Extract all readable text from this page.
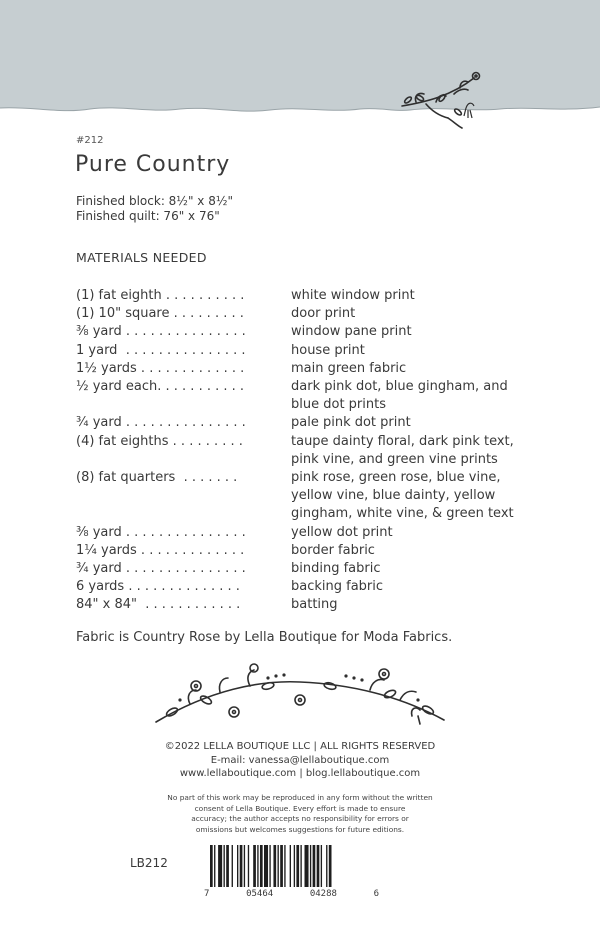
#212
Pure Country
Finished block: 8½" x 8½"
Finished quilt: 76" x 76"
MATERIALS NEEDED
(1) fat eighth . . . . . . . . . .	white window print
(1) 10" square . . . . . . . . .	door print
⅜ yard . . . . . . . . . . . . . . .	window pane print
1 yard  . . . . . . . . . . . . . . .	house print
1½ yards . . . . . . . . . . . . .	main green fabric
½ yard each. . . . . . . . . . .	dark pink dot, blue gingham, and
blue dot prints
¾ yard . . . . . . . . . . . . . . .	pale pink dot print
(4) fat eighths . . . . . . . . .	taupe dainty floral, dark pink text,
pink vine, and green vine prints
(8) fat quarters  . . . . . . .	pink rose, green rose, blue vine,
yellow vine, blue dainty, yellow
gingham, white vine, & green text
⅜ yard . . . . . . . . . . . . . . .	yellow dot print
1¼ yards . . . . . . . . . . . . .	border fabric
¾ yard . . . . . . . . . . . . . . .	binding fabric
6 yards . . . . . . . . . . . . . .	backing fabric
84" x 84"  . . . . . . . . . . . .	batting
Fabric is Country Rose by Lella Boutique for Moda Fabrics.
©2022 LELLA BOUTIQUE LLC | ALL RIGHTS RESERVED
E-mail: vanessa@lellaboutique.com
www.lellaboutique.com | blog.lellaboutique.com
No part of this work may be reproduced in any form without the written
consent of Lella Boutique. Every effort is made to ensure
accuracy; the author accepts no responsibility for errors or
omissions but welcomes suggestions for future editions.
LB212
7	05464	04288	6
